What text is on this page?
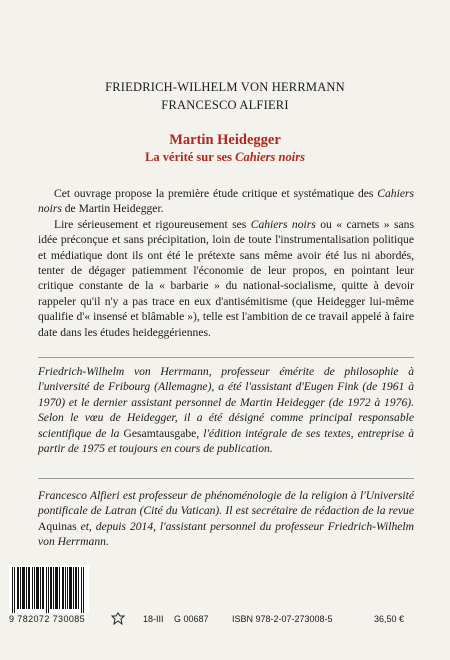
FRIEDRICH-WILHELM VON HERRMANN
FRANCESCO ALFIERI
Martin Heidegger
La vérité sur ses Cahiers noirs

Cet ouvrage propose la première étude critique et systématique des Cahiers noirs de Martin Heidegger.

Lire sérieusement et rigoureusement ses Cahiers noirs ou « carnets » sans idée préconçue et sans précipitation, loin de toute l'instrumentalisation politique et médiatique dont ils ont été le prétexte sans même avoir été lus ni abordés, tenter de dégager patiemment l'économie de leur propos, en pointant leur critique constante de la « barbarie » du national-socialisme, quitte à devoir rappeler qu'il n'y a pas trace en eux d'antisémitisme (que Heidegger lui-même qualifie d'« insensé et blâmable »), telle est l'ambition de ce travail appelé à faire date dans les études heideggériennes.

Friedrich-Wilhelm von Herrmann, professeur émérite de philosophie à l'université de Fribourg (Allemagne), a été l'assistant d'Eugen Fink (de 1961 à 1970) et le dernier assistant personnel de Martin Heidegger (de 1972 à 1976). Selon le vœu de Heidegger, il a été désigné comme principal responsable scientifique de la Gesamtausgabe, l'édition intégrale de ses textes, entreprise à partir de 1975 et toujours en cours de publication.

Francesco Alfieri est professeur de phénoménologie de la religion à l'Université pontificale de Latran (Cité du Vatican). Il est secrétaire de rédaction de la revue Aquinas et, depuis 2014, l'assistant personnel du professeur Friedrich-Wilhelm von Herrmann.

9 782072 730085	18-III G 00687	ISBN 978-2-07-273008-5	36,50 €
